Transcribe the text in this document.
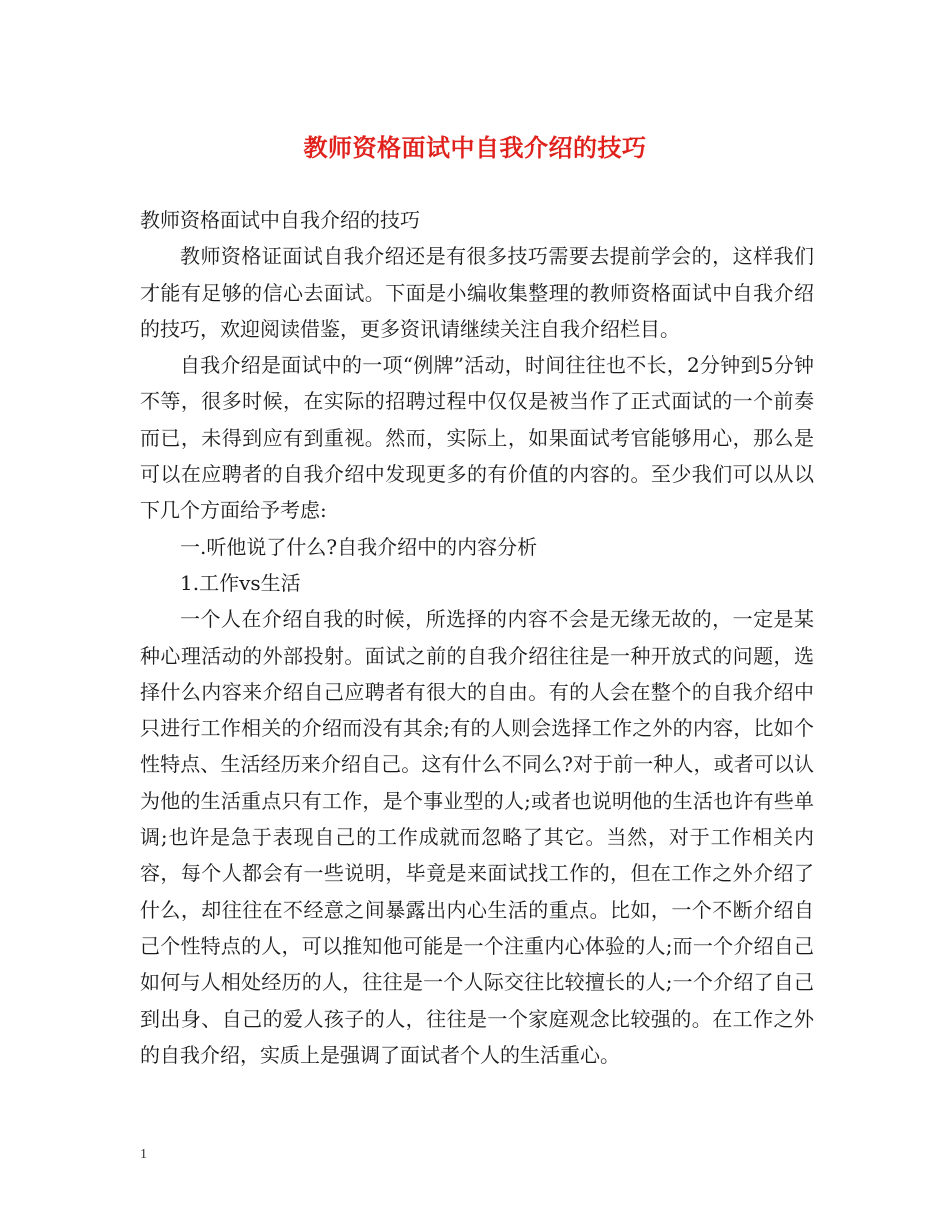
教师资格面试中自我介绍的技巧

教师资格面试中自我介绍的技巧

教师资格证面试自我介绍还是有很多技巧需要去提前学会的，这样我们才能有足够的信心去面试。下面是小编收集整理的教师资格面试中自我介绍的技巧，欢迎阅读借鉴，更多资讯请继续关注自我介绍栏目。

自我介绍是面试中的一项“例牌”活动，时间往往也不长，2分钟到5分钟不等，很多时候，在实际的招聘过程中仅仅是被当作了正式面试的一个前奏而已，未得到应有到重视。然而，实际上，如果面试考官能够用心，那么是可以在应聘者的自我介绍中发现更多的有价值的内容的。至少我们可以从以下几个方面给予考虑:

一.听他说了什么?自我介绍中的内容分析

1.工作vs生活

一个人在介绍自我的时候，所选择的内容不会是无缘无故的，一定是某种心理活动的外部投射。面试之前的自我介绍往往是一种开放式的问题，选择什么内容来介绍自己应聘者有很大的自由。有的人会在整个的自我介绍中只进行工作相关的介绍而没有其余;有的人则会选择工作之外的内容，比如个性特点、生活经历来介绍自己。这有什么不同么?对于前一种人，或者可以认为他的生活重点只有工作，是个事业型的人;或者也说明他的生活也许有些单调;也许是急于表现自己的工作成就而忽略了其它。当然，对于工作相关内容，每个人都会有一些说明，毕竟是来面试找工作的，但在工作之外介绍了什么，却往往在不经意之间暴露出内心生活的重点。比如，一个不断介绍自己个性特点的人，可以推知他可能是一个注重内心体验的人;而一个介绍自己如何与人相处经历的人，往往是一个人际交往比较擅长的人;一个介绍了自己到出身、自己的爱人孩子的人，往往是一个家庭观念比较强的。在工作之外的自我介绍，实质上是强调了面试者个人的生活重心。

1
